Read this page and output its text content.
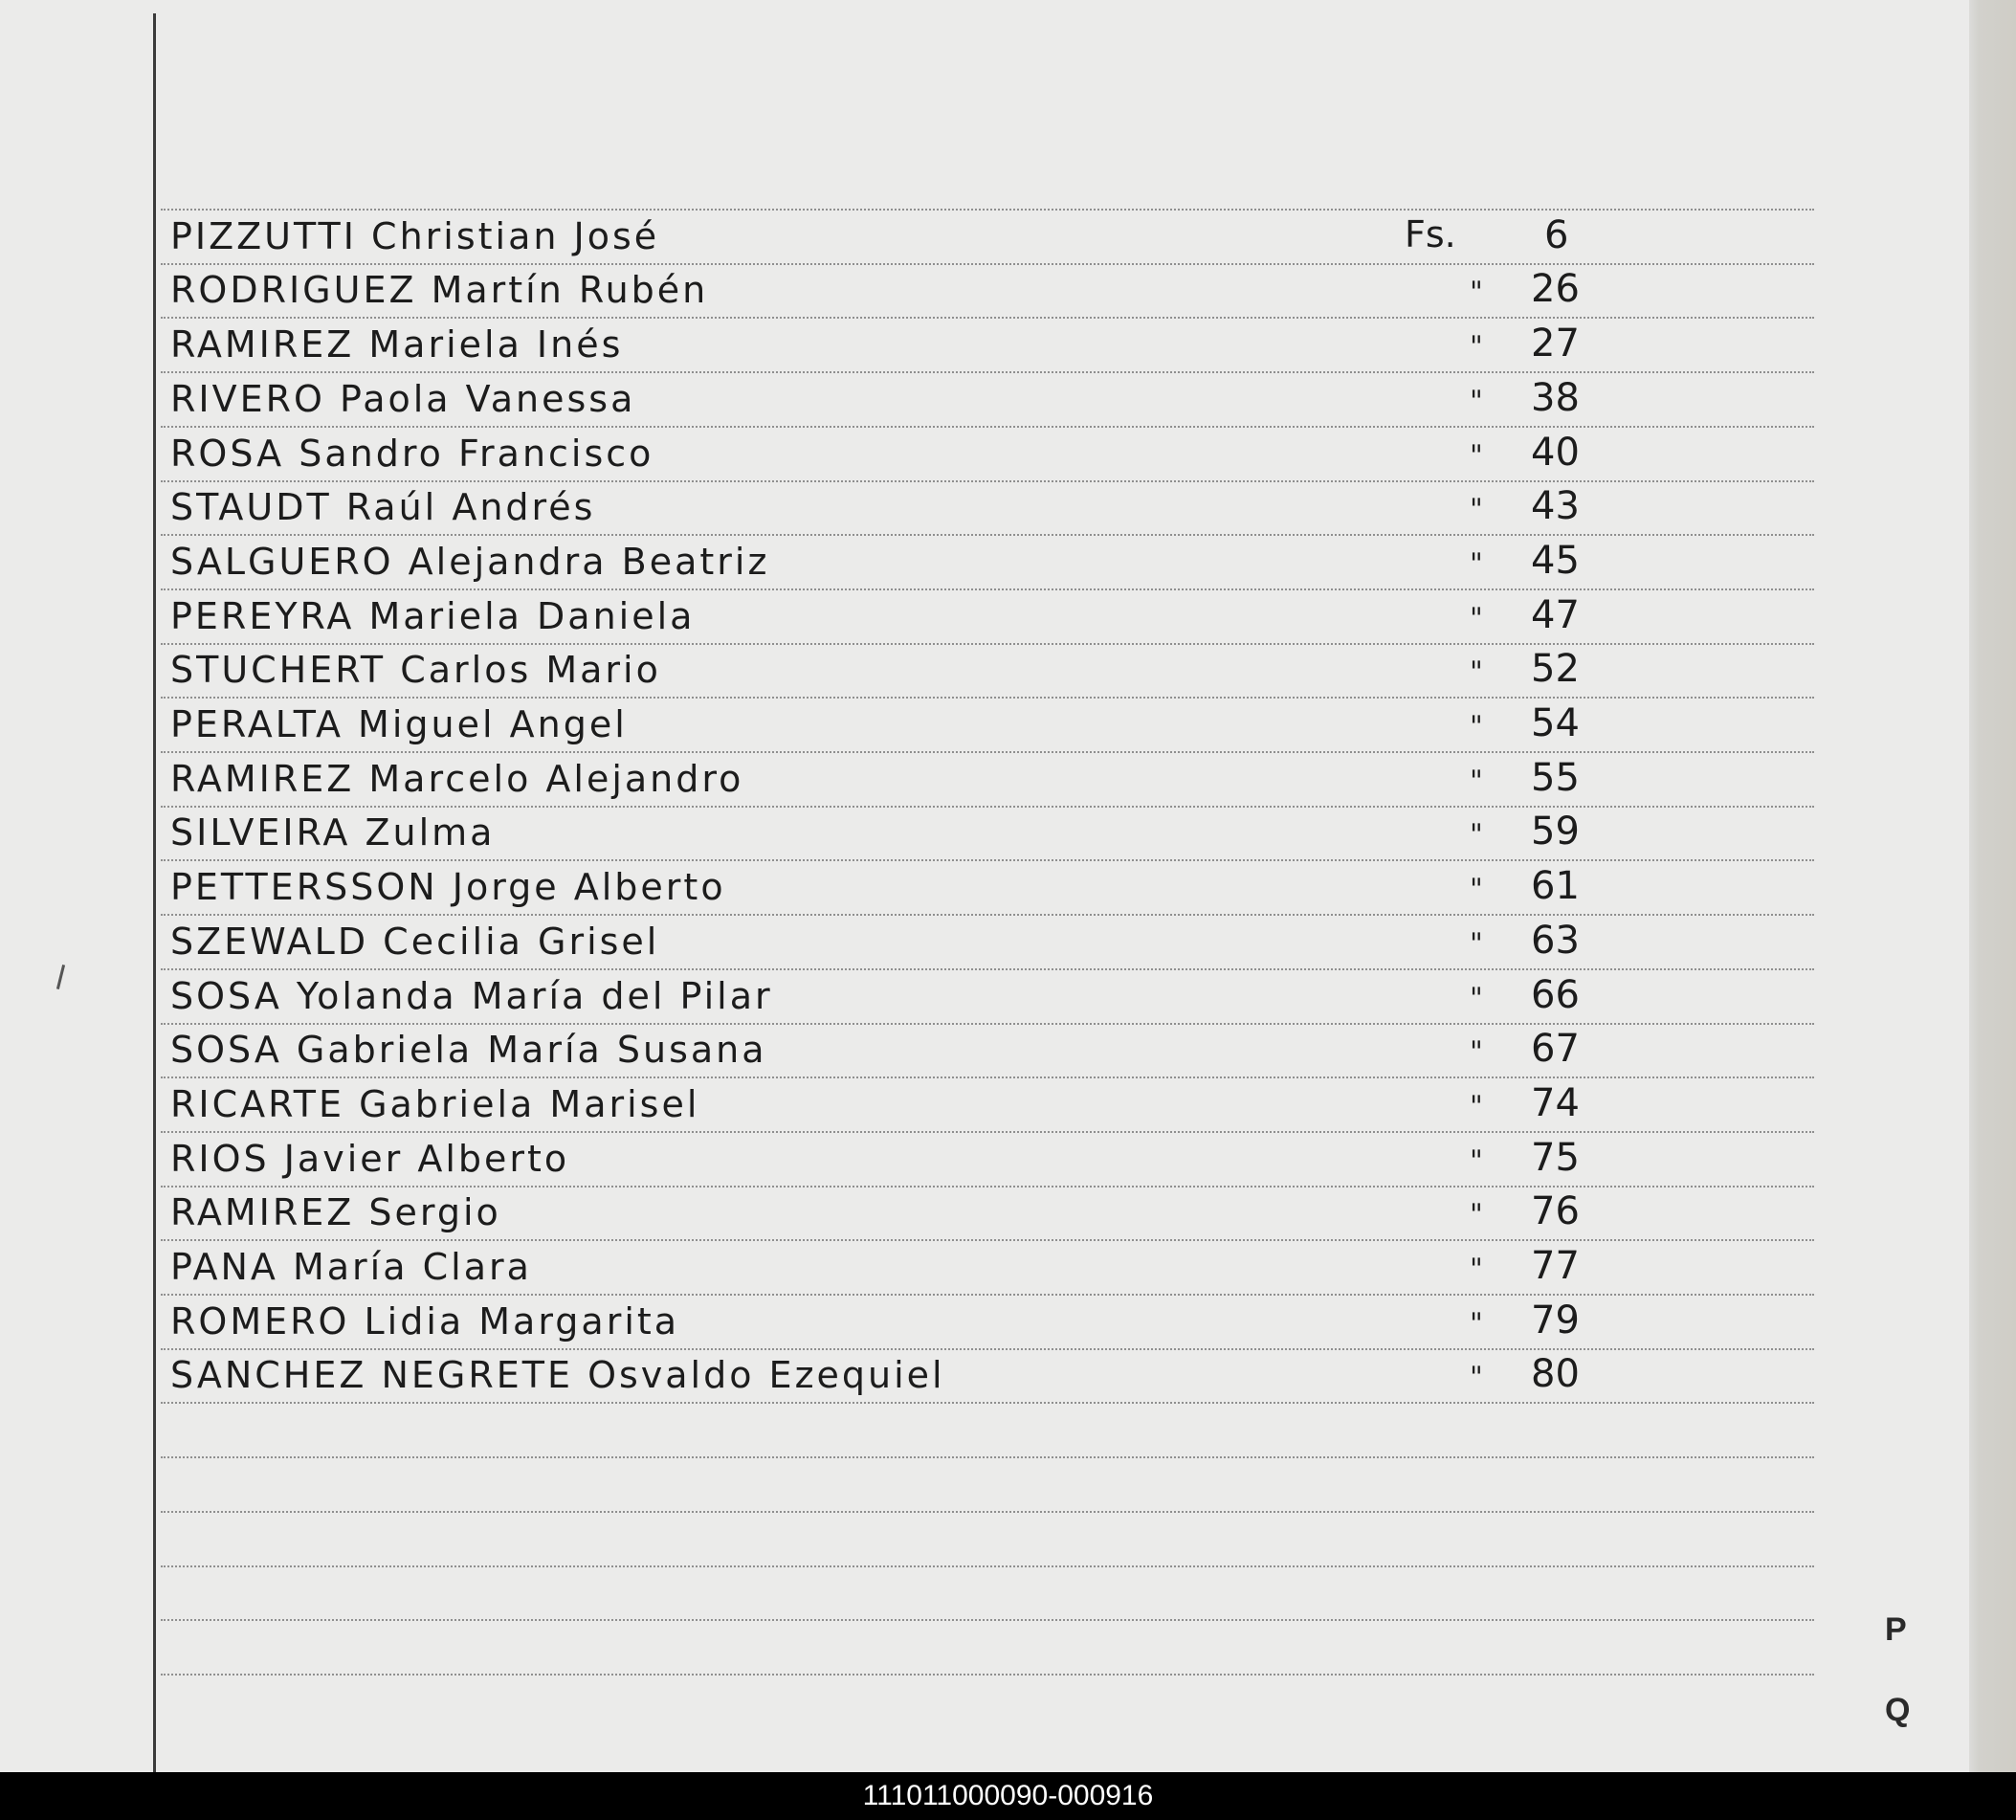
PIZZUTTI Christian José	Fs. 6
RODRIGUEZ Martín Rubén	" 26
RAMIREZ Mariela Inés	" 27
RIVERO Paola Vanessa	" 38
ROSA Sandro Francisco	" 40
STAUDT Raúl Andrés	" 43
SALGUERO Alejandra Beatriz	" 45
PEREYRA Mariela Daniela	" 47
STUCHERT Carlos Mario	" 52
PERALTA Miguel Angel	" 54
RAMIREZ Marcelo Alejandro	" 55
SILVEIRA Zulma	" 59
PETTERSSON Jorge Alberto	" 61
SZEWALD Cecilia Grisel	" 63
SOSA Yolanda María del Pilar	" 66
SOSA Gabriela María Susana	" 67
RICARTE Gabriela Marisel	" 74
RIOS Javier Alberto	" 75
RAMIREZ Sergio	" 76
PANA María Clara	" 77
ROMERO Lidia Margarita	" 79
SANCHEZ NEGRETE Osvaldo Ezequiel	" 80
P
Q
111011000090-000916
